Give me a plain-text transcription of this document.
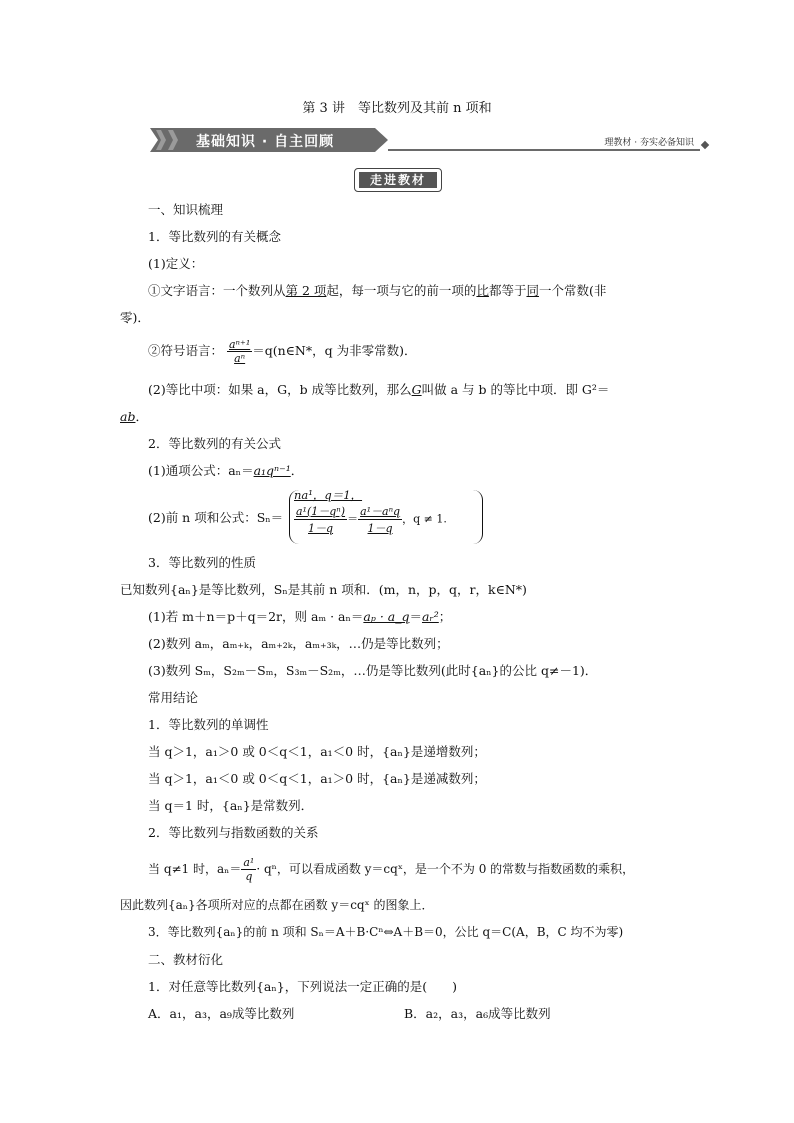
第 3 讲　等比数列及其前 n 项和
基础知识 · 自主回顾	理教材 · 夯实必备知识
走进教材
一、知识梳理
1．等比数列的有关概念
(1)定义：
①文字语言：一个数列从第 2 项起，每一项与它的前一项的比都等于同一个常数(非
零)．
②符号语言： $\frac{\text{aⁿ⁺¹}}{\text{aⁿ}}$ ＝q(n∈N*，q 为非零常数)．
(2)等比中项：如果 a，G，b 成等比数列，那么G叫做 a 与 b 的等比中项．即 G²＝
ab．
2．等比数列的有关公式
(1)通项公式：aₙ＝a₁qⁿ⁻¹．
(2)前 n 项和公式：Sₙ＝
na¹，q＝1，
$\frac{\text{a¹(1－qⁿ)}}{1-q} = \frac{\text{a¹－aⁿq}}{1-q}$ ，q ≠ 1.
3．等比数列的性质
已知数列{aₙ}是等比数列，Sₙ是其前 n 项和．(m，n，p，q，r，k∈N*)
(1)若 m＋n＝p＋q＝2r，则 aₘ · aₙ＝aₚ · a_q＝aᵣ²；
(2)数列 aₘ，aₘ₊ₖ，aₘ₊₂ₖ，aₘ₊₃ₖ，…仍是等比数列；
(3)数列 Sₘ，S₂ₘ－Sₘ，S₃ₘ－S₂ₘ，…仍是等比数列(此时{aₙ}的公比 q≠－1)．
常用结论
1．等比数列的单调性
当 q＞1，a₁＞0 或 0＜q＜1，a₁＜0 时，{aₙ}是递增数列；
当 q＞1，a₁＜0 或 0＜q＜1，a₁＞0 时，{aₙ}是递减数列；
当 q＝1 时，{aₙ}是常数列．
2．等比数列与指数函数的关系
当 q≠1 时，$a_n= \frac{\text{a¹}}{q} \cdot q^n$，可以看成函数 y＝cqˣ，是一个不为 0 的常数与指数函数的乘积，
因此数列{aₙ}各项所对应的点都在函数 y＝cqˣ 的图象上．
3．等比数列{aₙ}的前 n 项和 Sₙ＝A＋B·Cⁿ⇔A＋B＝0，公比 q＝C(A，B，C 均不为零)
二、教材衍化
1．对任意等比数列{aₙ}，下列说法一定正确的是(　　)
A．a₁，a₃，a₉成等比数列	B．a₂，a₃，a₆成等比数列
